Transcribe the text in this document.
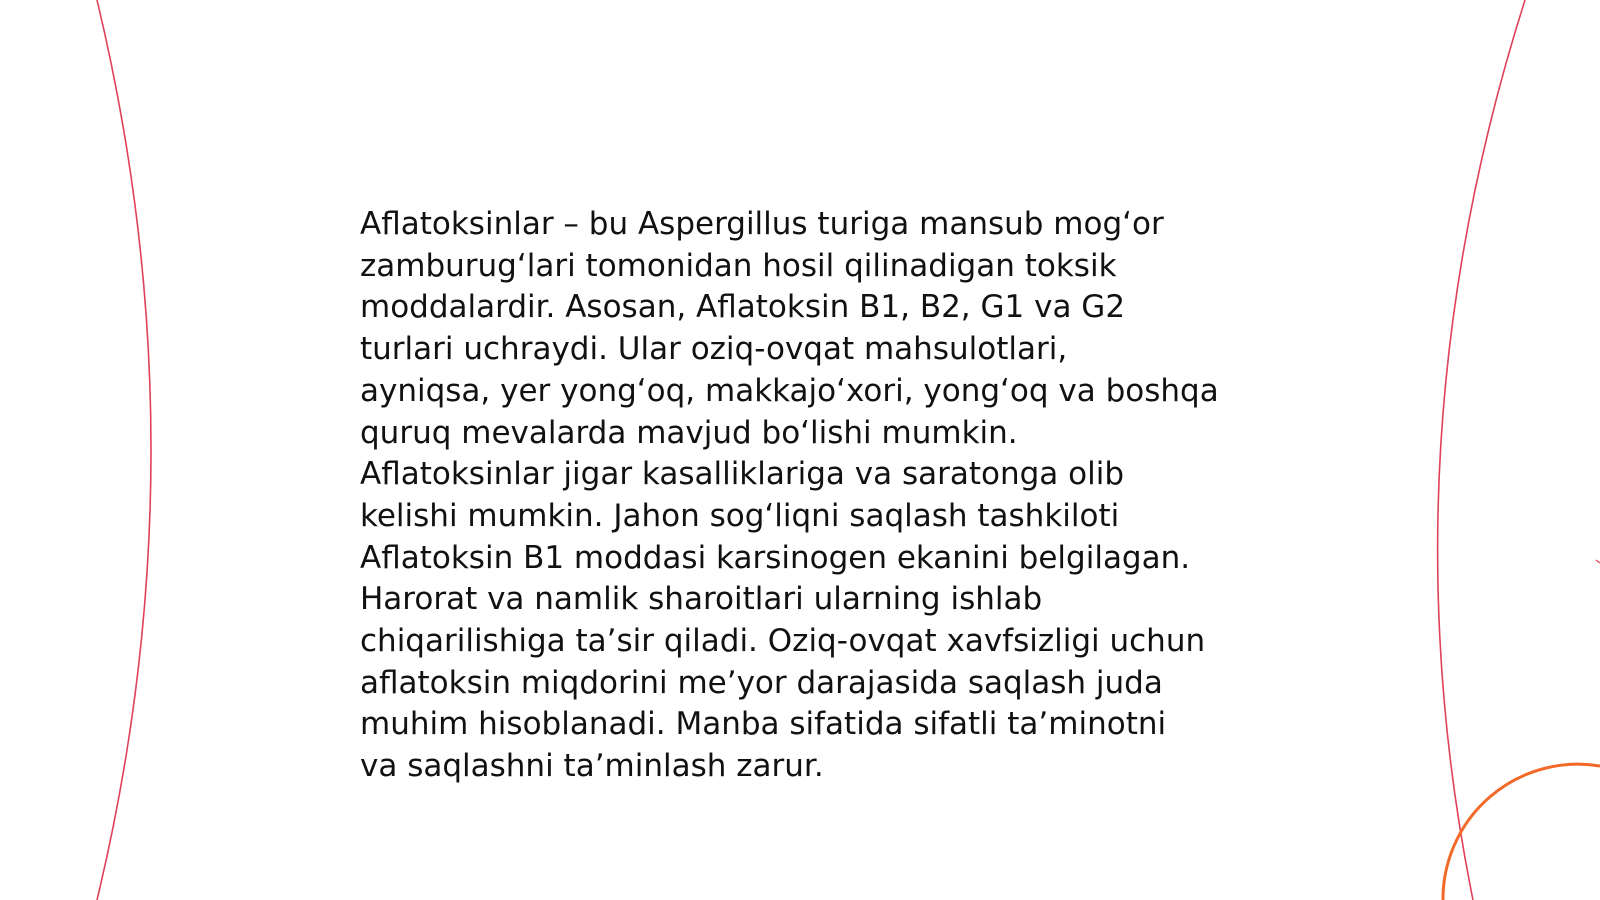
Aflatoksinlar – bu Aspergillus turiga mansub mogʻor
zamburugʻlari tomonidan hosil qilinadigan toksik
moddalardir. Asosan, Aflatoksin B1, B2, G1 va G2
turlari uchraydi. Ular oziq-ovqat mahsulotlari,
ayniqsa, yer yongʻoq, makkajoʻxori, yongʻoq va boshqa
quruq mevalarda mavjud boʻlishi mumkin.
Aflatoksinlar jigar kasalliklariga va saratonga olib
kelishi mumkin. Jahon sogʻliqni saqlash tashkiloti
Aflatoksin B1 moddasi karsinogen ekanini belgilagan.
Harorat va namlik sharoitlari ularning ishlab
chiqarilishiga taʼsir qiladi. Oziq-ovqat xavfsizligi uchun
aflatoksin miqdorini meʼyor darajasida saqlash juda
muhim hisoblanadi. Manba sifatida sifatli taʼminotni
va saqlashni taʼminlash zarur.
